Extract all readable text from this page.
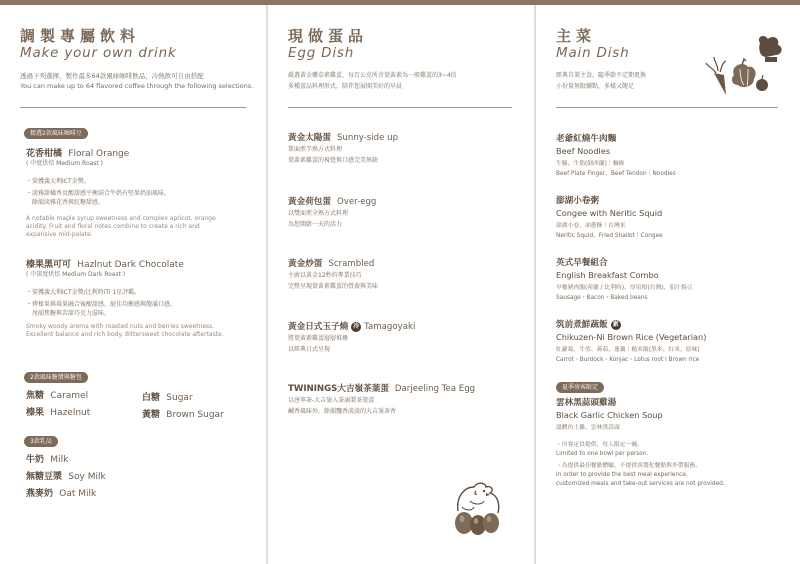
調製專屬飲料
Make your own drink
透過下列選擇，製作最多64款風味咖啡飲品，冷熱飲可自由搭配
You can make up to 64 flavored coffee through the following selections.
精選2款風味咖啡豆
花香柑橘 Floral Orange
( 中度烘焙 Medium Roast )
・榮獲義大利ICT金獎。
・淡雅甜橘香及酸甜感平衡結合牛奶有堅果奶油風味，
　餘韻淡雅花香與紅糖甜感。
A notable maple syrup sweetness and complex apricot, orange acidity. Fruit and floral notes combine to create a rich and expansive mid-palate.
榛果黑可可 Hazlnut Dark Chocolate
( 中深度烘焙 Medium Dark Roast )
・榮獲義大利ICT金獎/比利時iTi 1星評鑑。
・烤榛果與莓果融合後酸甜感，絕佳均衡感與飽滿口感，
　尾韻焦糖與苦甜巧克力滋味。
Smoky woody aroma with roasted nuts and berries sweetness. Excellent balance and rich body. Bittersweet chocolate aftertaste.
2款風味糖漿與糖包
焦糖 Caramel
榛果 Hazelnut
白糖 Sugar
黃糖 Brown Sugar
3款乳品
牛奶 Milk
無糖豆漿 Soy Milk
燕麥奶 Oat Milk
現做蛋品
Egg Dish
嚴選黃金藥草素雞蛋，每百公克所含葉黃素為一般雞蛋的3~4倍
多種蛋品料理形式，陪伴您展開美好的早晨
黃金太陽蛋 Sunny-side up
單面煎半熟方式料理
葉黃素雞蛋的視覺與口感完美無缺
黃金荷包蛋 Over-egg
以雙面煎全熟方式料理
為您開啟一天的活力
黃金炒蛋 Scrambled
主廚以黃金12秒的專業技巧
完整呈現葉黃素雞蛋的營養與美味
黃金日式玉子燒 冷 Tamagoyaki
將葉黃素雞蛋層層堆疊
以經典日式呈現
TWININGS大吉嶺茶葉蛋 Darjeeling Tea Egg
以唐寧茶-大吉嶺入茶滷製茶葉蛋
鹹香風味外，餘韻飄香淡淡的大吉嶺茶香
主菜
Main Dish
經典自製主食，隨季節不定期更換
小份量無限續點，多樣又飽足
老爺紅燒牛肉麵
Beef Noodles
牛腩、牛筋(細西蘭)｜麵條
Beef Plate Finger、Beef Tendon｜Noodles
澎湖小卷粥
Congee with Neritic Squid
澎湖小卷、油蔥酥｜台灣米
Neritic Squid、Fried Shallot｜Congee
英式早餐組合
English Breakfast Combo
早餐豬肉腸(荷蘭 / 比利時)、厚培根(台灣)、茄汁焗豆
Sausage・Bacon・Baked beans
筑前煮鮮蔬飯 素
Chikuzen-Ni Brown Rice (Vegetarian)
紅蘿蔔、牛蒡、蒟蒻、蓮藕｜糙米飯(黑米、紅米、原味)
Carrot・Burdock・Konjac・Lotus root l Brown rice
夏季房客限定
雲林黑蒜頭雞湯
Black Garlic Chicken Soup
溫體仿土雞、雲林黑蒜頭
・房客定員提供，每人限定一碗。
Limited to one bowl per person.
・為提供最佳餐點體驗，不提供客製化餐點與外帶服務。
In order to provide the best meal experience,
customized meals and take-out services are not provided.
